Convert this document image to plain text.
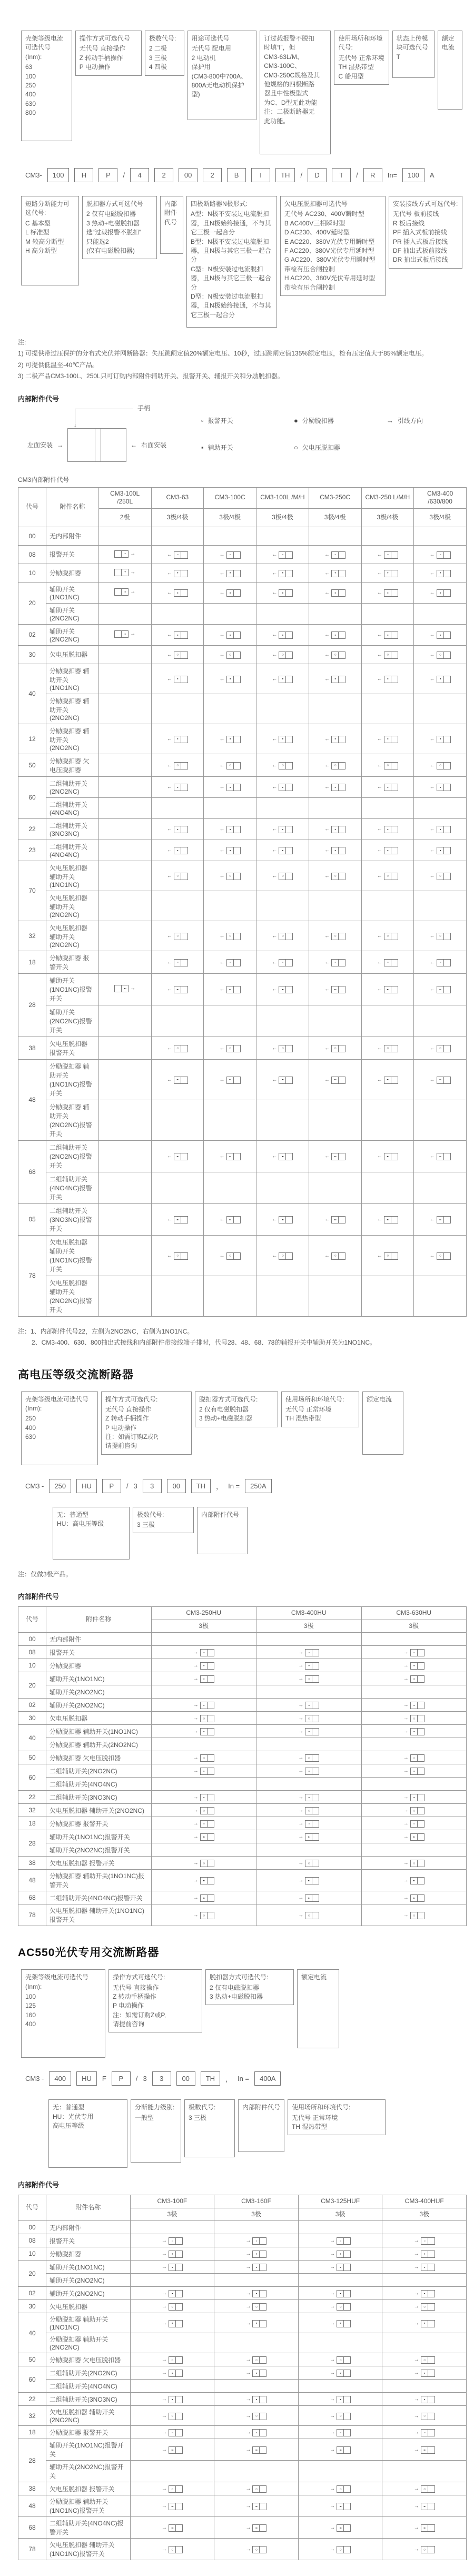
壳架等级电流可选代号 (Inm):
63
100
250
400
630
800
操作方式可选代号
无代号 直接操作
Z 转动手柄操作
P 电动操作
极数代号:
2 二极
3 三极
4 四极
用途可选代号
无代号 配电用
2 电动机
保护用
(CM3-800中700A、
800A无电动机保护型)
订过载报警不脱扣
时填“I”，但
CM3-63L/M、
CM3-100C、
CM3-250C规格及其
他规格的四极断路
器且中性极型式
为C、D型无此功能
注：二极断路器无
此功能。
使用场所和环境代号:
无代号 正常环境
TH 湿热带型
C 船用型
状态上传模块可选代号T
额定电流
CM3-	100	H	P	/	4	2	00	2	B	I	TH	/	D	T	/	R	In=	100	A
短路分断能力可选代号:
C 基本型
L 标准型
M 较高分断型
H 高分断型
脱扣器方式可选代号
2 仅有电磁脱扣器
3 热动+电磁脱扣器
选“过载报警不脱扣”
只能选2
(仅有电磁脱扣器)
内部附件代号
四极断路器N极形式:
A型：N极不安装过电流脱扣器，且N极始终接通，不与其它三极一起合分
B型：N极不安装过电流脱扣器，且N极与其它三极一起合分
C型：N极安装过电流脱扣器，且N极与其它三极一起合分
D型：N极安装过电流脱扣器，且N极始终接通，不与其它三极一起合分
欠电压脱扣器可选代号
无代号 AC230、400V瞬时型
B AC400V三相瞬时型
D AC230、400V延时型
E AC220、380V光伏专用瞬时型
F AC220、380V光伏专用延时型
G AC220、380V光伏专用瞬时型
带检有压合闸控制
H AC220、380V光伏专用延时型
带检有压合闸控制
安装接线方式可选代号:
无代号 板前接线
R 板后接线
PF 插入式板前接线
PR 插入式板后接线
DF 抽出式板前接线
DR 抽出式板后接线
注:
1) 可提供带过压保护的分布式光伏并网断路器：失压跳闸定值20%额定电压、10秒，过压跳闸定值135%额定电压，检有压定值大于85%额定电压。
2) 可提供低温至-40℃产品。
3) 二极产品CM3-100L、250L只可订购内部附件辅助开关、报警开关、辅报开关和分励脱扣器。
内部附件代号
手柄
↓
左面安装 →	← 右面安装
▫ 报警开关	● 分励脱扣器	→ 引线方向
▪ 辅助开关	○ 欠电压脱扣器
CM3内部附件代号
代号	附件名称	CM3-100L /250L	CM3-63	CM3-100C	CM3-100L /M/H	CM3-250C	CM3-250 L/M/H	CM3-400 /630/800
		2极	3极/4极	3极/4极	3极/4极	3极/4极	3极/4极	3极/4极
00	无内部附件							
08	报警开关	▫ →	← ▫	← ▫	← ▫	← ▫	← ▫	← ▫

10	分励脱扣器	• →	← •	← •	← •	← •	← •	← •

20	辅助开关 (1NO1NC)	▪ →	← ▪	← ▪	← ▪	← ▪	← ▪	← ▪

	辅助开关 (2NO2NC)							
02	辅助开关 (2NO2NC)	▪ →	← ▪	← ▪	← ▪	← ▪	← ▪	← ▪

30	欠电压脱扣器		← ○	← ○	← ○	← ○	← ○	← ○

40	分励脱扣器 辅助开关(1NO1NC)		← ▪	← ▪	← ▪	← ▪	← ▪	← ▪

	分励脱扣器 辅助开关(2NO2NC)							
12	分励脱扣器 辅助开关(2NO2NC)		← ▪	← ▪	← ▪	← ▪	← ▪	← ▪

50	分励脱扣器 欠电压脱扣器		← ○	← ○	← ○	← ○	← ○	← ○

60	二组辅助开关(2NO2NC)		← ▪	← ▪	← ▪	← ▪	← ▪	← ▪

	二组辅助开关(4NO4NC)							
22	二组辅助开关(3NO3NC)		← ▪	← ▪	← ▪	← ▪	← ▪	← ▪

23	二组辅助开关(4NO4NC)		← ▪	← ▪	← ▪	← ▪	← ▪	← ▪

70	欠电压脱扣器 辅助开关(1NO1NC)		← ○	← ○	← ○	← ○	← ○	← ○

	欠电压脱扣器 辅助开关(2NO2NC)							
32	欠电压脱扣器 辅助开关(2NO2NC)		← ○	← ○	← ○	← ○	← ○	← ○

18	分励脱扣器 报警开关		← ▫	← ▫	← ▫	← ▫	← ▫	← ▫

28	辅助开关(1NO1NC)报警开关	▪▫ →	← ▪▫	← ▪▫	← ▪▫	← ▪▫	← ▪▫	← ▪▫

	辅助开关(2NO2NC)报警开关							
38	欠电压脱扣器 报警开关		← ○	← ○	← ○	← ○	← ○	← ○

48	分励脱扣器 辅助开关(1NO1NC)报警开关		← ▪▫	← ▪▫	← ▪▫	← ▪▫	← ▪▫	← ▪▫

	分励脱扣器 辅助开关(2NO2NC)报警开关							
68	二组辅助开关(2NO2NC)报警开关		← ▪▫	← ▪▫	← ▪▫	← ▪▫	← ▪▫	← ▪▫

	二组辅助开关(4NO4NC)报警开关							
05	二组辅助开关(3NO3NC)报警开关		← ▪▫	← ▪▫	← ▪▫	← ▪▫	← ▪▫	← ▪▫

78	欠电压脱扣器 辅助开关(1NO1NC)报警开关		← ○	← ○	← ○	← ○	← ○	← ○

	欠电压脱扣器 辅助开关(2NO2NC)报警开关							
注：1、内部附件代号22，左侧为2NO2NC，右侧为1NO1NC。
2、CM3-400、630、800抽出式接线和内部附件带接线端子排时，代号28、48、68、78的辅报开关中辅助开关为1NO1NC。
高电压等级交流断路器
壳架等级电流可选代号(Inm):
250
400
630
操作方式可选代号:
无代号 直接操作
Z 转动手柄操作
P 电动操作
注：如需订购Z或P,
请提前咨询
脱扣器方式可选代号:
2 仅有电磁脱扣器
3 热动+电磁脱扣器
使用场所和环境代号:
无代号 正常环境
TH 湿热带型
额定电流
CM3 -	250	HU	P	/ 3	3	00	TH	， In =	250A
无：普通型
HU：高电压等级
极数代号:
3 三极
内部附件代号
注：仅做3极产品。
内部附件代号
代号	附件名称	CM3-250HU	CM3-400HU	CM3-630HU
		3极	3极	3极
00	无内部附件			
08	报警开关	→ ▫	→ ▫	→ ▫

10	分励脱扣器	→ •	→ •	→ •

20	辅助开关(1NO1NC)	→ ▪	→ ▪	→ ▪

	辅助开关(2NO2NC)			
02	辅助开关(2NO2NC)	→ ▪	→ ▪	→ ▪

30	欠电压脱扣器	→ ○	→ ○	→ ○

40	分励脱扣器 辅助开关(1NO1NC)	→ ▪	→ ▪	→ ▪

	分励脱扣器 辅助开关(2NO2NC)			
50	分励脱扣器 欠电压脱扣器	→ ○	→ ○	→ ○

60	二组辅助开关(2NO2NC)	→ ▪	→ ▪	→ ▪

	二组辅助开关(4NO4NC)			
22	二组辅助开关(3NO3NC)	→ ▪	→ ▪	→ ▪

32	欠电压脱扣器 辅助开关(2NO2NC)	→ ○	→ ○	→ ○

18	分励脱扣器 报警开关	→ ▫	→ ▫	→ ▫

28	辅助开关(1NO1NC)报警开关	→ ▪▫	→ ▪▫	→ ▪▫

	辅助开关(2NO2NC)报警开关			
38	欠电压脱扣器 报警开关	→ ○	→ ○	→ ○

48	分励脱扣器 辅助开关(1NO1NC)报警开关	→ ▪▫	→ ▪▫	→ ▪▫

68	二组辅助开关(4NO4NC)报警开关	→ ▪▫	→ ▪▫	→ ▪▫

78	欠电压脱扣器 辅助开关(1NO1NC)报警开关	→ ○	→ ○	→ ○
AC550光伏专用交流断路器
壳架等级电流可选代号 (Inm):
100
125
160
400
操作方式可选代号:
无代号 直接操作
Z 转动手柄操作
P 电动操作
注：如需订购Z或P,
请提前咨询
脱扣器方式可选代号:
2 仅有电磁脱扣器
3 热动+电磁脱扣器
额定电流
CM3 -	400	HU	F	P	/ 3	3	00	TH	， In =	400A
无：普通型
HU：光伏专用
高电压等级
分断能力级别:
一般型
极数代号:
3 三极
内部附件代号 使用场所和环境代号:
无代号 正常环境
TH 湿热带型
内部附件代号
代号	附件名称	CM3-100F	CM3-160F	CM3-125HUF	CM3-400HUF
		3极	3极	3极	3极
00	无内部附件				
08	报警开关	→ ▫	→ ▫	→ ▫	→ ▫

10	分励脱扣器	→ •	→ •	→ •	→ •

20	辅助开关(1NO1NC)	→ ▪	→ ▪	→ ▪	→ ▪

	辅助开关(2NO2NC)				
02	辅助开关(2NO2NC)	→ ▪	→ ▪	→ ▪	→ ▪

30	欠电压脱扣器	→ ○	→ ○	→ ○	→ ○

40	分励脱扣器 辅助开关(1NO1NC)	→ ▪	→ ▪	→ ▪	→ ▪

	分励脱扣器 辅助开关(2NO2NC)				
50	分励脱扣器 欠电压脱扣器	→ ○	→ ○	→ ○	→ ○

60	二组辅助开关(2NO2NC)	→ ▪	→ ▪	→ ▪	→ ▪

	二组辅助开关(4NO4NC)				
22	二组辅助开关(3NO3NC)	→ ▪	→ ▪	→ ▪	→ ▪

32	欠电压脱扣器 辅助开关(2NO2NC)	→ ○	→ ○	→ ○	→ ○

18	分励脱扣器 报警开关	→ ▫	→ ▫	→ ▫	→ ▫

28	辅助开关(1NO1NC)报警开关	→ ▪▫	→ ▪▫	→ ▪▫	→ ▪▫

	辅助开关(2NO2NC)报警开关				
38	欠电压脱扣器 报警开关	→ ○	→ ○	→ ○	→ ○

48	分励脱扣器 辅助开关(1NO1NC)报警开关	→ ▪▫	→ ▪▫	→ ▪▫	→ ▪▫

68	二组辅助开关(4NO4NC)报警开关	→ ▪▫	→ ▪▫	→ ▪▫	→ ▪▫

78	欠电压脱扣器 辅助开关(1NO1NC)报警开关	→ ○	→ ○	→ ○	→ ○
